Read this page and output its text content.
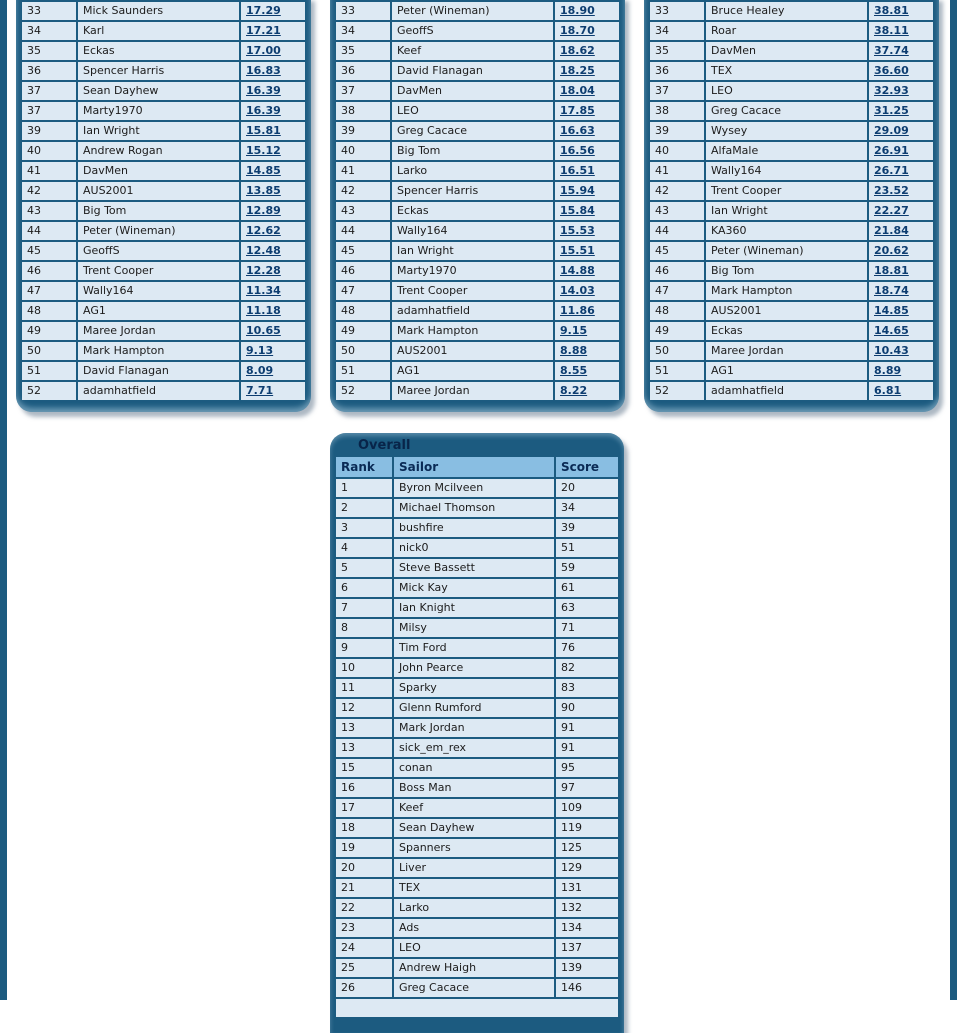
33	Mick Saunders	17.29
34	Karl	17.21
35	Eckas	17.00
36	Spencer Harris	16.83
37	Sean Dayhew	16.39
37	Marty1970	16.39
39	Ian Wright	15.81
40	Andrew Rogan	15.12
41	DavMen	14.85
42	AUS2001	13.85
43	Big Tom	12.89
44	Peter (Wineman)	12.62
45	GeoffS	12.48
46	Trent Cooper	12.28
47	Wally164	11.34
48	AG1	11.18
49	Maree Jordan	10.65
50	Mark Hampton	9.13
51	David Flanagan	8.09
52	adamhatfield	7.71
33	Peter (Wineman)	18.90
34	GeoffS	18.70
35	Keef	18.62
36	David Flanagan	18.25
37	DavMen	18.04
38	LEO	17.85
39	Greg Cacace	16.63
40	Big Tom	16.56
41	Larko	16.51
42	Spencer Harris	15.94
43	Eckas	15.84
44	Wally164	15.53
45	Ian Wright	15.51
46	Marty1970	14.88
47	Trent Cooper	14.03
48	adamhatfield	11.86
49	Mark Hampton	9.15
50	AUS2001	8.88
51	AG1	8.55
52	Maree Jordan	8.22
33	Bruce Healey	38.81
34	Roar	38.11
35	DavMen	37.74
36	TEX	36.60
37	LEO	32.93
38	Greg Cacace	31.25
39	Wysey	29.09
40	AlfaMale	26.91
41	Wally164	26.71
42	Trent Cooper	23.52
43	Ian Wright	22.27
44	KA360	21.84
45	Peter (Wineman)	20.62
46	Big Tom	18.81
47	Mark Hampton	18.74
48	AUS2001	14.85
49	Eckas	14.65
50	Maree Jordan	10.43
51	AG1	8.89
52	adamhatfield	6.81
Overall
Rank	Sailor	Score
1	Byron Mcilveen	20
2	Michael Thomson	34
3	bushfire	39
4	nick0	51
5	Steve Bassett	59
6	Mick Kay	61
7	Ian Knight	63
8	Milsy	71
9	Tim Ford	76
10	John Pearce	82
11	Sparky	83
12	Glenn Rumford	90
13	Mark Jordan	91
13	sick_em_rex	91
15	conan	95
16	Boss Man	97
17	Keef	109
18	Sean Dayhew	119
19	Spanners	125
20	Liver	129
21	TEX	131
22	Larko	132
23	Ads	134
24	LEO	137
25	Andrew Haigh	139
26	Greg Cacace	146
